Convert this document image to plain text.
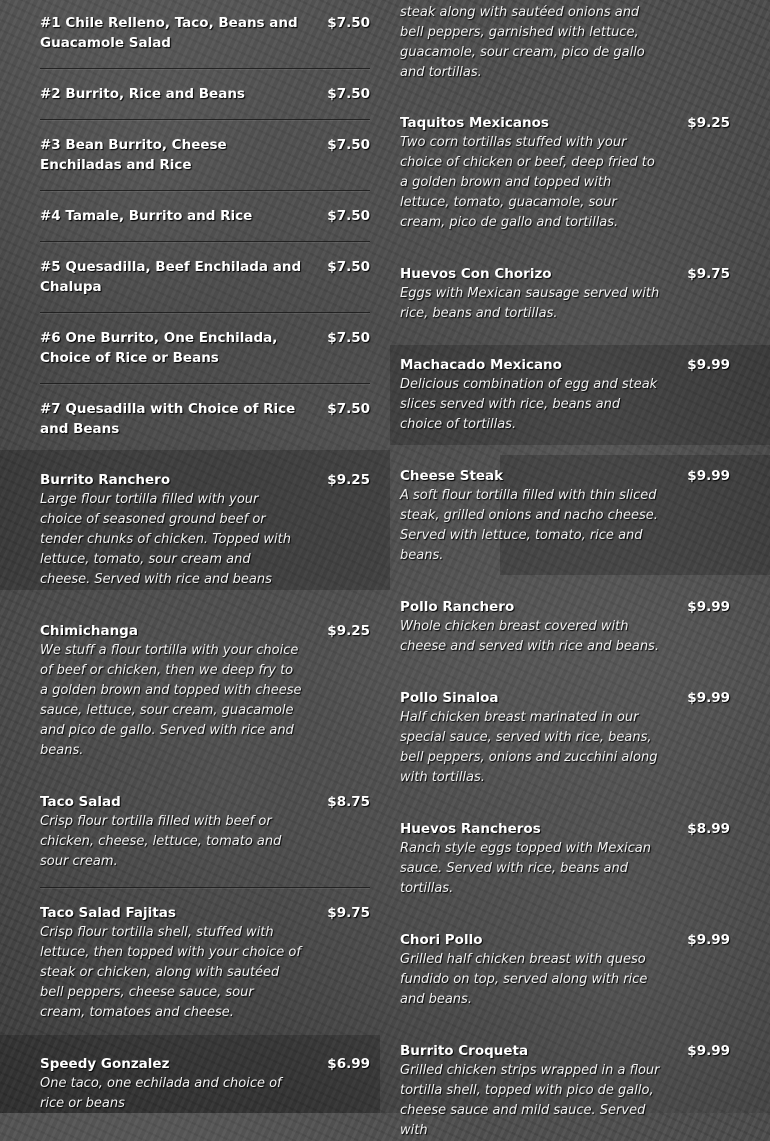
#1 Chile Relleno, Taco, Beans and Guacamole Salad
$7.50
#2 Burrito, Rice and Beans	$7.50
#3 Bean Burrito, Cheese Enchiladas and Rice
$7.50
#4 Tamale, Burrito and Rice	$7.50
#5 Quesadilla, Beef Enchilada and Chalupa
$7.50
#6 One Burrito, One Enchilada, Choice of Rice or Beans
$7.50
#7 Quesadilla with Choice of Rice and Beans
$7.50
Burrito Ranchero	$9.25
Large flour tortilla filled with your choice of seasoned ground beef or tender chunks of chicken. Topped with lettuce, tomato, sour cream and cheese. Served with rice and beans
Chimichanga	$9.25
We stuff a flour tortilla with your choice of beef or chicken, then we deep fry to a golden brown and topped with cheese sauce, lettuce, sour cream, guacamole and pico de gallo. Served with rice and beans.
Taco Salad	$8.75
Crisp flour tortilla filled with beef or chicken, cheese, lettuce, tomato and sour cream.
Taco Salad Fajitas	$9.75
Crisp flour tortilla shell, stuffed with lettuce, then topped with your choice of steak or chicken, along with sautéed bell peppers, cheese sauce, sour cream, tomatoes and cheese.
Speedy Gonzalez	$6.99
One taco, one echilada and choice of rice or beans
steak along with sautéed onions and bell peppers, garnished with lettuce, guacamole, sour cream, pico de gallo and tortillas.
Taquitos Mexicanos	$9.25
Two corn tortillas stuffed with your choice of chicken or beef, deep fried to a golden brown and topped with lettuce, tomato, guacamole, sour cream, pico de gallo and tortillas.
Huevos Con Chorizo	$9.75
Eggs with Mexican sausage served with rice, beans and tortillas.
Machacado Mexicano	$9.99
Delicious combination of egg and steak slices served with rice, beans and choice of tortillas.
Cheese Steak	$9.99
A soft flour tortilla filled with thin sliced steak, grilled onions and nacho cheese. Served with lettuce, tomato, rice and beans.
Pollo Ranchero	$9.99
Whole chicken breast covered with cheese and served with rice and beans.
Pollo Sinaloa	$9.99
Half chicken breast marinated in our special sauce, served with rice, beans, bell peppers, onions and zucchini along with tortillas.
Huevos Rancheros	$8.99
Ranch style eggs topped with Mexican sauce. Served with rice, beans and tortillas.
Chori Pollo	$9.99
Grilled half chicken breast with queso fundido on top, served along with rice and beans.
Burrito Croqueta	$9.99
Grilled chicken strips wrapped in a flour tortilla shell, topped with pico de gallo, cheese sauce and mild sauce. Served with
